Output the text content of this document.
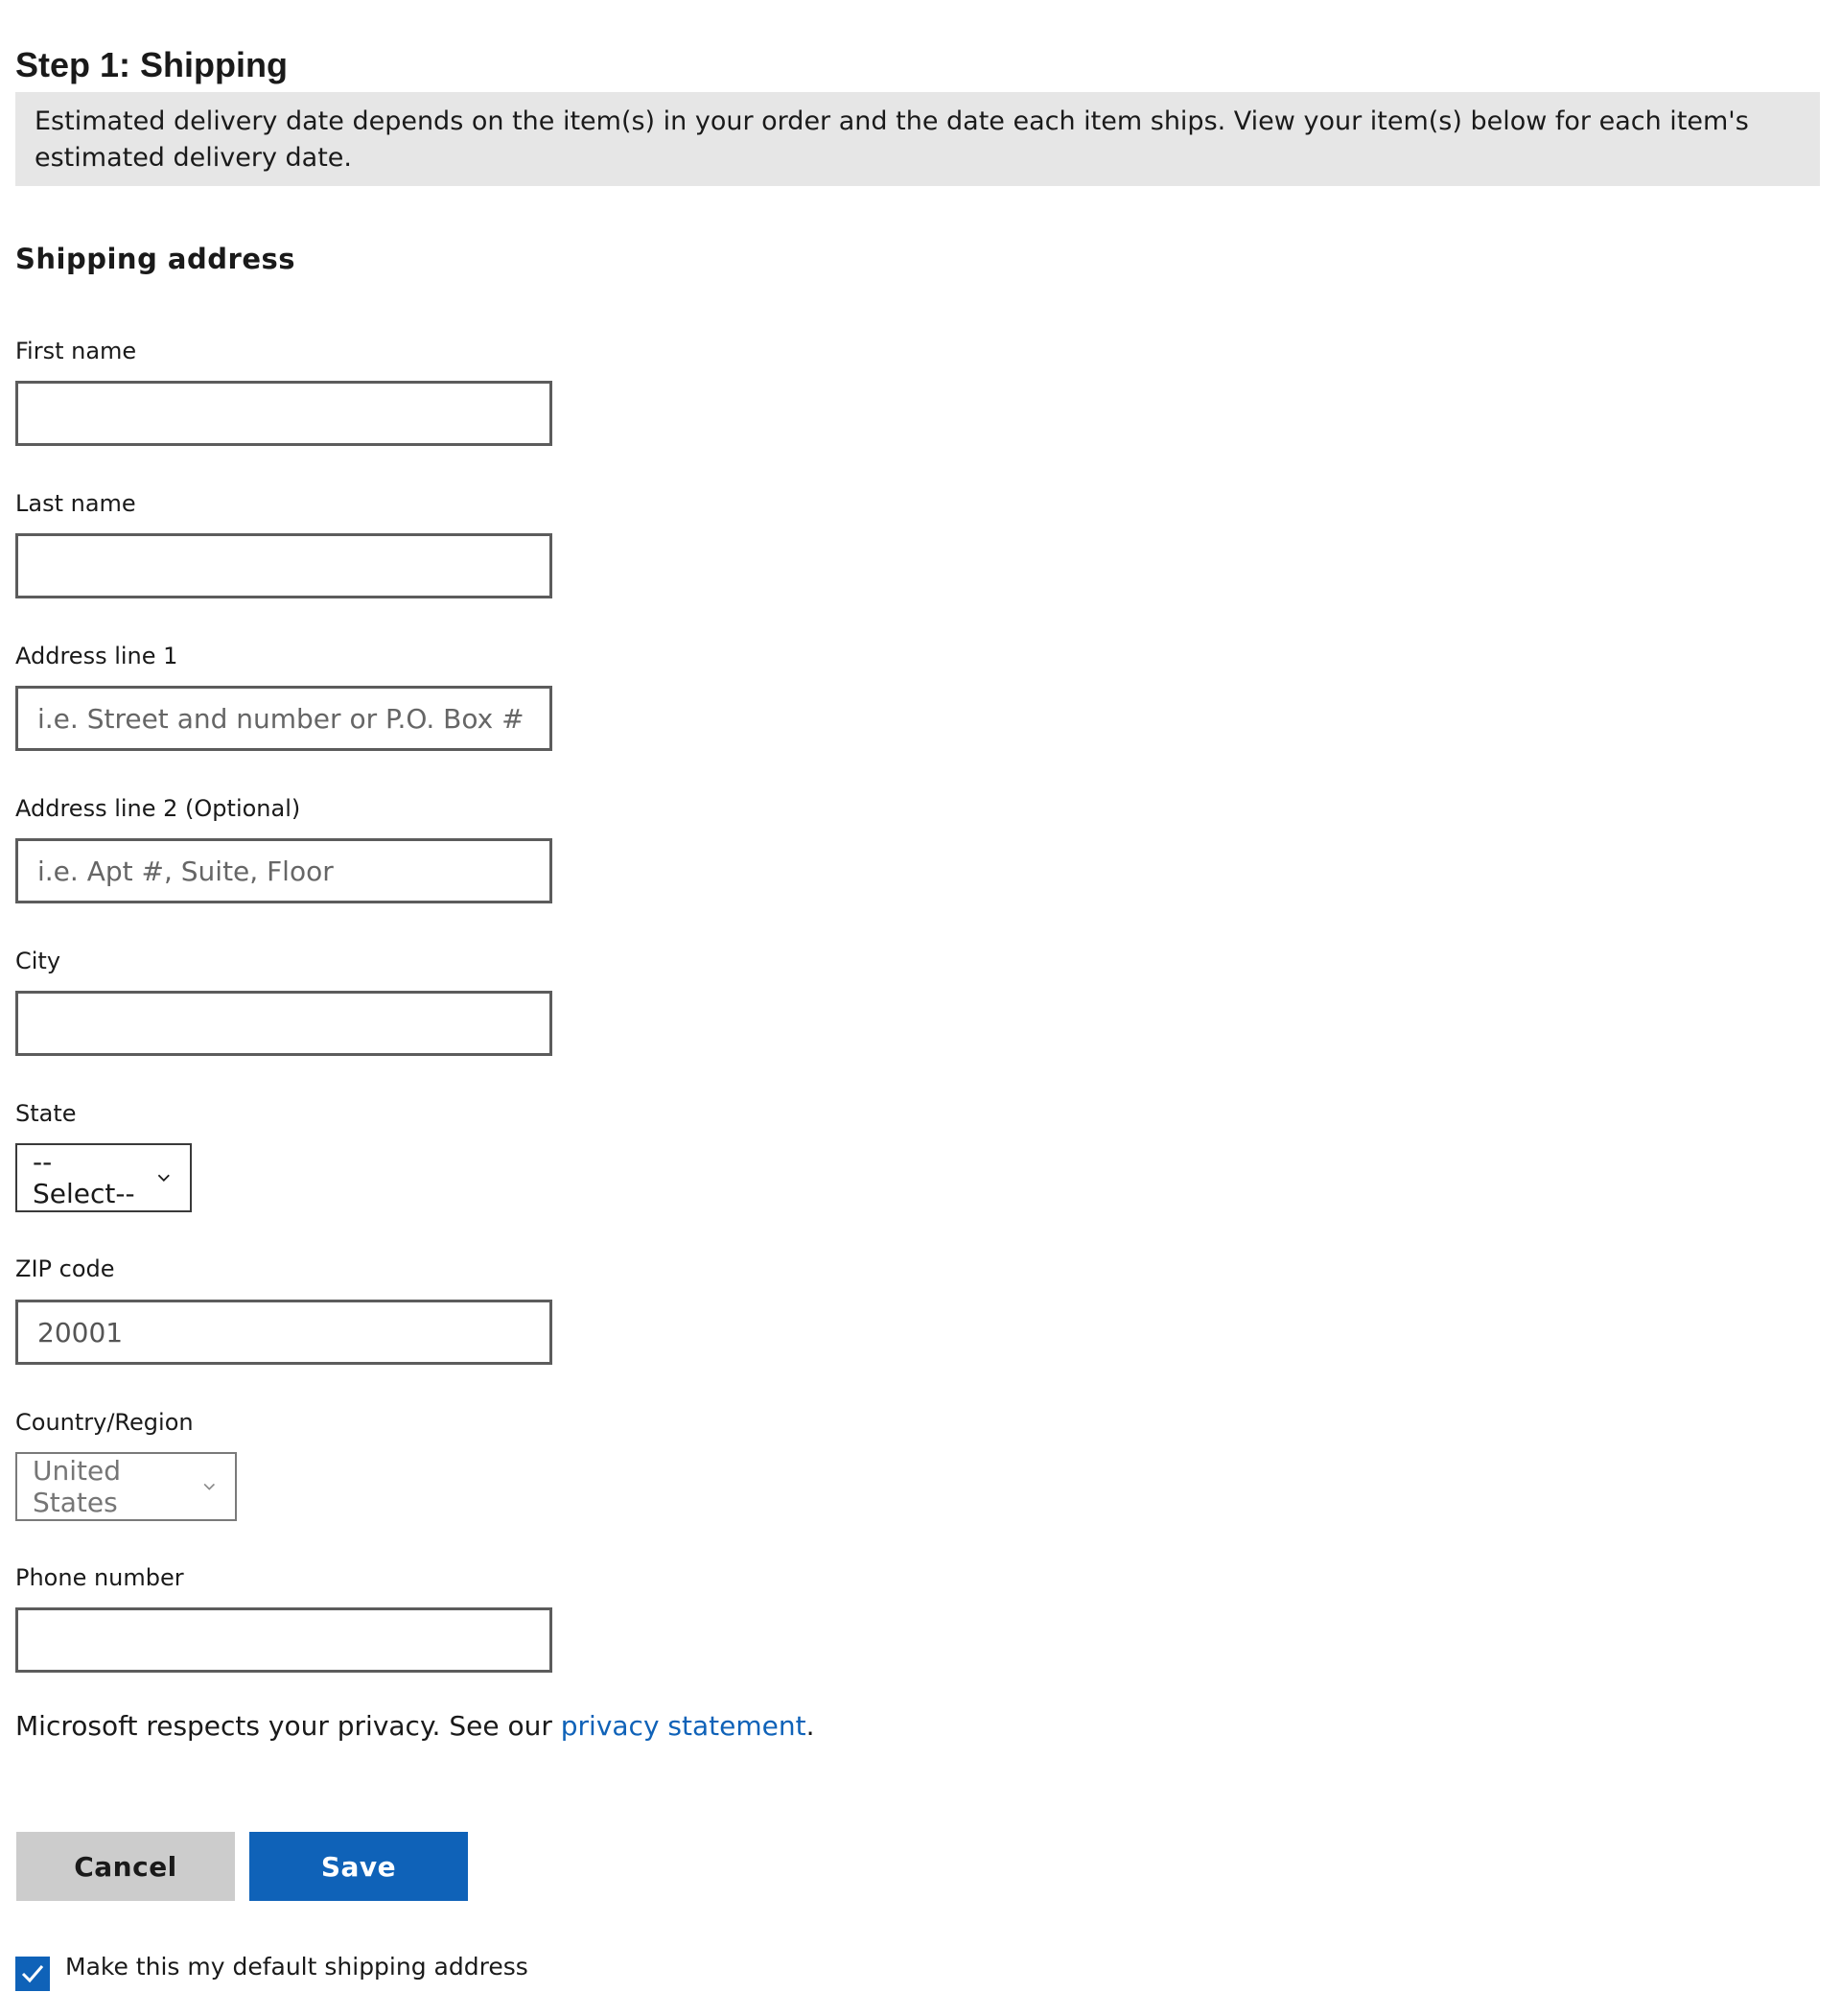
Step 1: Shipping
Estimated delivery date depends on the item(s) in your order and the date each item ships. View your item(s) below for each item's estimated delivery date.
Shipping address
First name
Last name
Address line 1
i.e. Street and number or P.O. Box #
Address line 2 (Optional)
i.e. Apt #, Suite, Floor
City
State
--Select--
ZIP code
20001
Country/Region
United States
Phone number
Microsoft respects your privacy. See our privacy statement.
Cancel	Save
Make this my default shipping address
